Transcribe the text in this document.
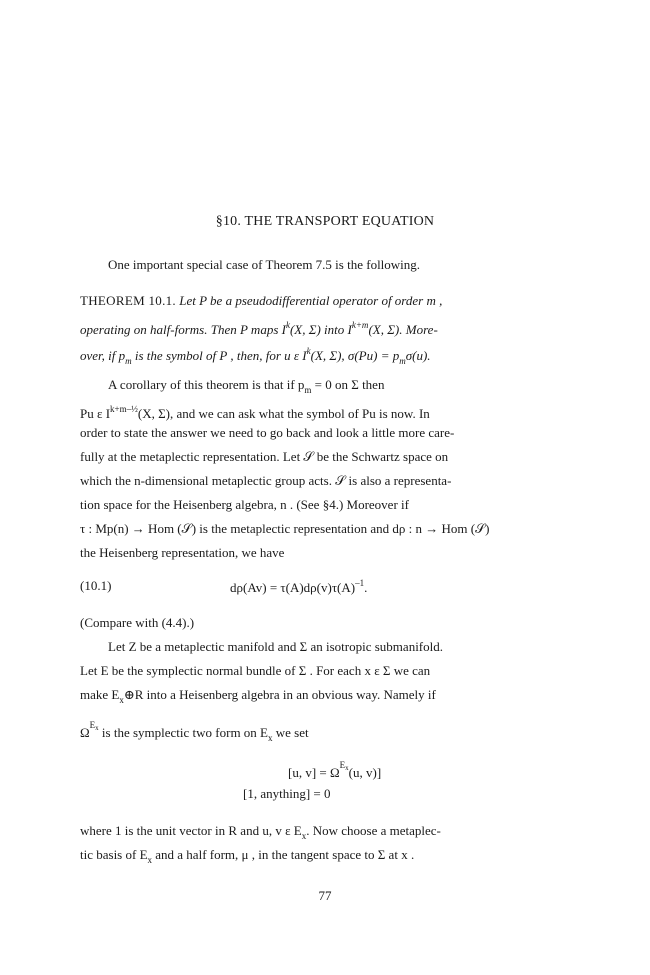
§10. THE TRANSPORT EQUATION
One important special case of Theorem 7.5 is the following.
THEOREM 10.1. Let P be a pseudodifferential operator of order m ,
operating on half-forms. Then P maps $I^k(X$, Σ) into $I^{k+m}(X$, Σ). More-
over, if $p_m$ is the symbol of P , then, for u ε $I^k(X$, Σ), $\sigma(Pu) = p_m\sigma(u)$.
A corollary of this theorem is that if $p_m = 0$ on Σ then
Pu ε $I^{k+m-\frac{1}{2}}(X$, Σ), and we can ask what the symbol of Pu is now. In
order to state the answer we need to go back and look a little more care-
fully at the metaplectic representation. Let 𝒮 be the Schwartz space on
which the n-dimensional metaplectic group acts. 𝒮 is also a representa-
tion space for the Heisenberg algebra, n . (See §4.) Moreover if
τ : Mp(n) → Hom (𝒮) is the metaplectic representation and dρ : n → Hom (𝒮)
the Heisenberg representation, we have
(10.1)	$d\rho(Av) = \tau(A)d\rho(v)\tau(A)^{-1}$.
(Compare with (4.4).)
Let Z be a metaplectic manifold and Σ an isotropic submanifold.
Let E be the symplectic normal bundle of Σ . For each x ε Σ we can
make $E_x\oplus R$ into a Heisenberg algebra in an obvious way. Namely if
$\Omega^{E_x}$ is the symplectic two form on $E_x$ we set
[u, $v] = \Omega^{E_x}(u$, v)]
[1, anything] = 0
where 1 is the unit vector in R and u, v ε $E_x$. Now choose a metaplec-
tic basis of $E_x$ and a half form, μ , in the tangent space to Σ at x .
77
